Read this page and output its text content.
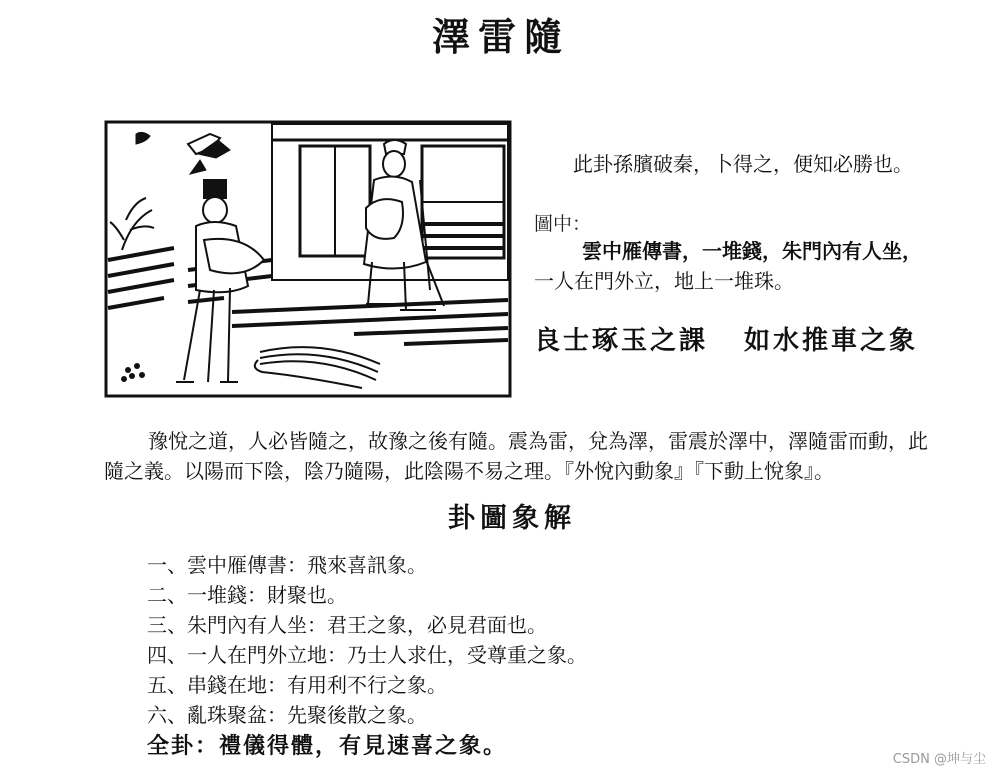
澤雷隨
此卦孫臏破秦，卜得之，便知必勝也。
圖中：
雲中雁傳書，一堆錢，朱門內有人坐，
一人在門外立，地上一堆珠。
良士琢玉之課 如水推車之象
豫悅之道，人必皆隨之，故豫之後有隨。震為雷，兌為澤，雷震於澤中，澤隨雷而動，此
隨之義。以陽而下陰，陰乃隨陽，此陰陽不易之理。『外悅內動象』『下動上悅象』。
卦圖象解
一、雲中雁傳書：飛來喜訊象。
二、一堆錢：財聚也。
三、朱門內有人坐：君王之象，必見君面也。
四、一人在門外立地：乃士人求仕，受尊重之象。
五、串錢在地：有用利不行之象。
六、亂珠聚盆：先聚後散之象。
全卦：禮儀得體，有見速喜之象。
CSDN @坤与尘
